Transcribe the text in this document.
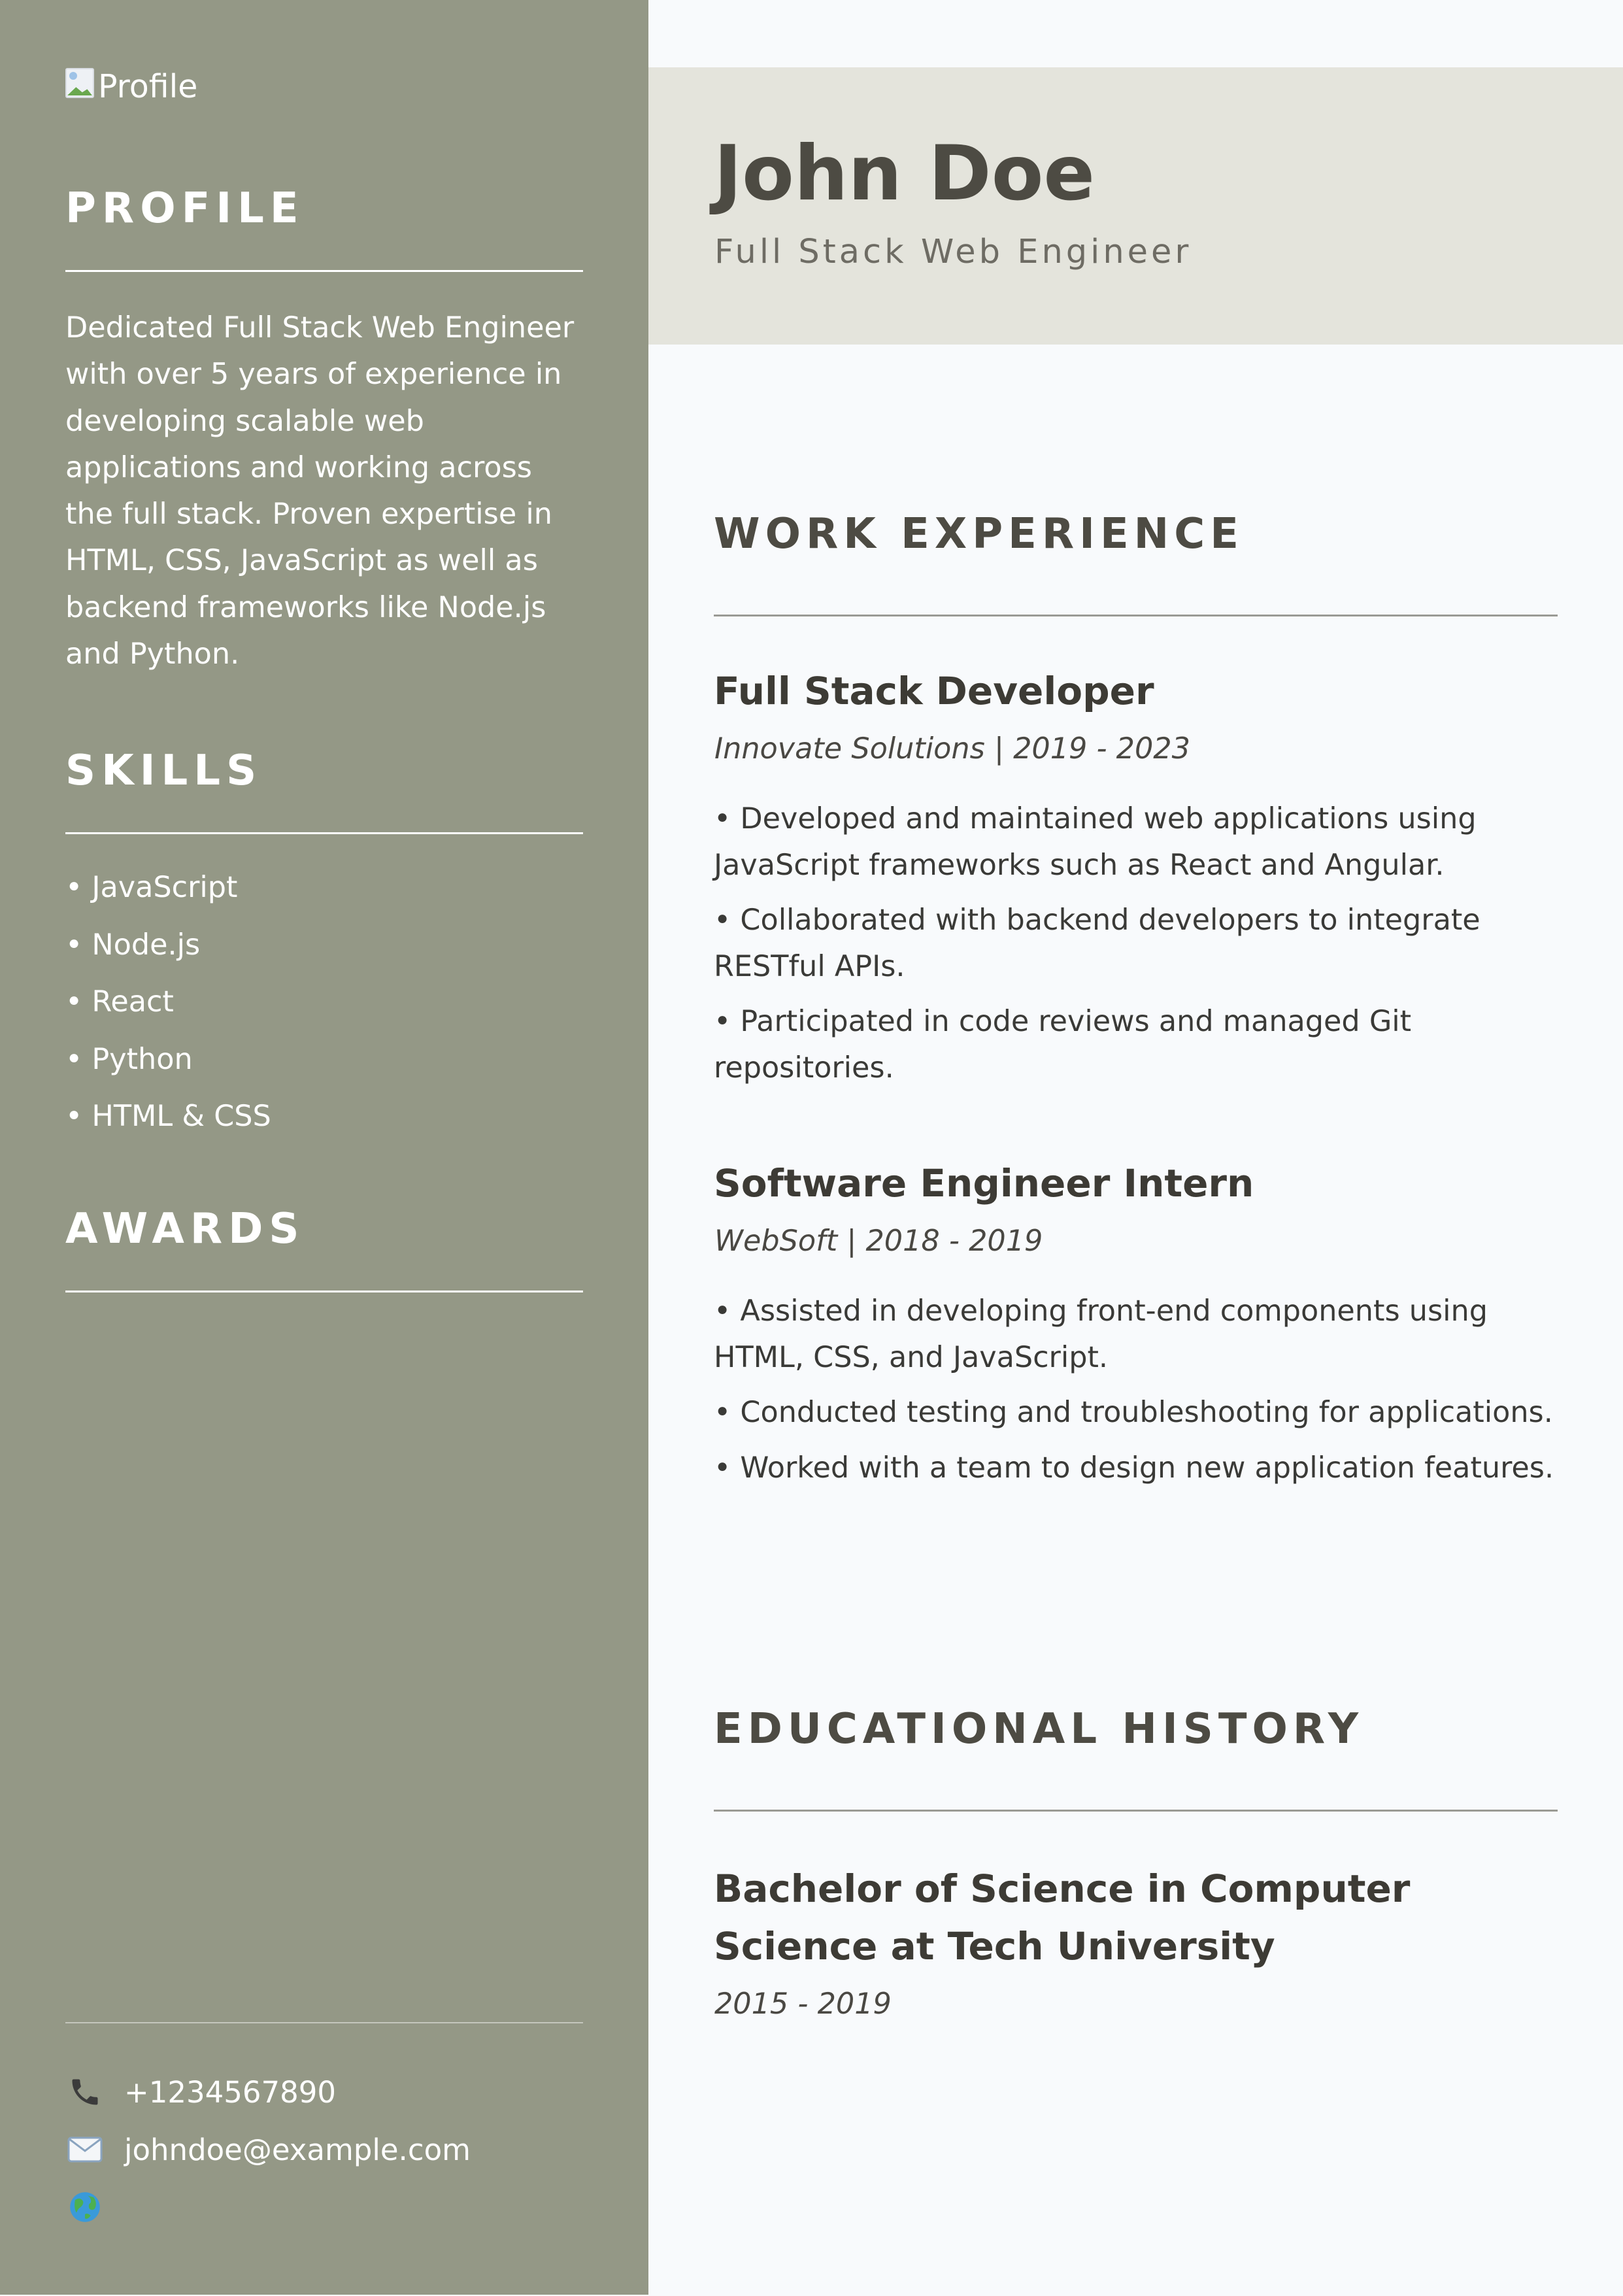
Profile
PROFILE

Dedicated Full Stack Web Engineer with over 5 years of experience in developing scalable web applications and working across the full stack. Proven expertise in HTML, CSS, JavaScript as well as backend frameworks like Node.js and Python.

SKILLS
• JavaScript
• Node.js
• React
• Python
• HTML & CSS
AWARDS
+1234567890
johndoe@example.com
John Doe
Full Stack Web Engineer
WORK EXPERIENCE
Full Stack Developer
Innovate Solutions | 2019 - 2023

• Developed and maintained web applications using JavaScript frameworks such as React and Angular.

• Collaborated with backend developers to integrate RESTful APIs.

• Participated in code reviews and managed Git repositories.

Software Engineer Intern
WebSoft | 2018 - 2019

• Assisted in developing front-end components using HTML, CSS, and JavaScript.

• Conducted testing and troubleshooting for applications.

• Worked with a team to design new application features.

EDUCATIONAL HISTORY
Bachelor of Science in Computer Science at Tech University
2015 - 2019
